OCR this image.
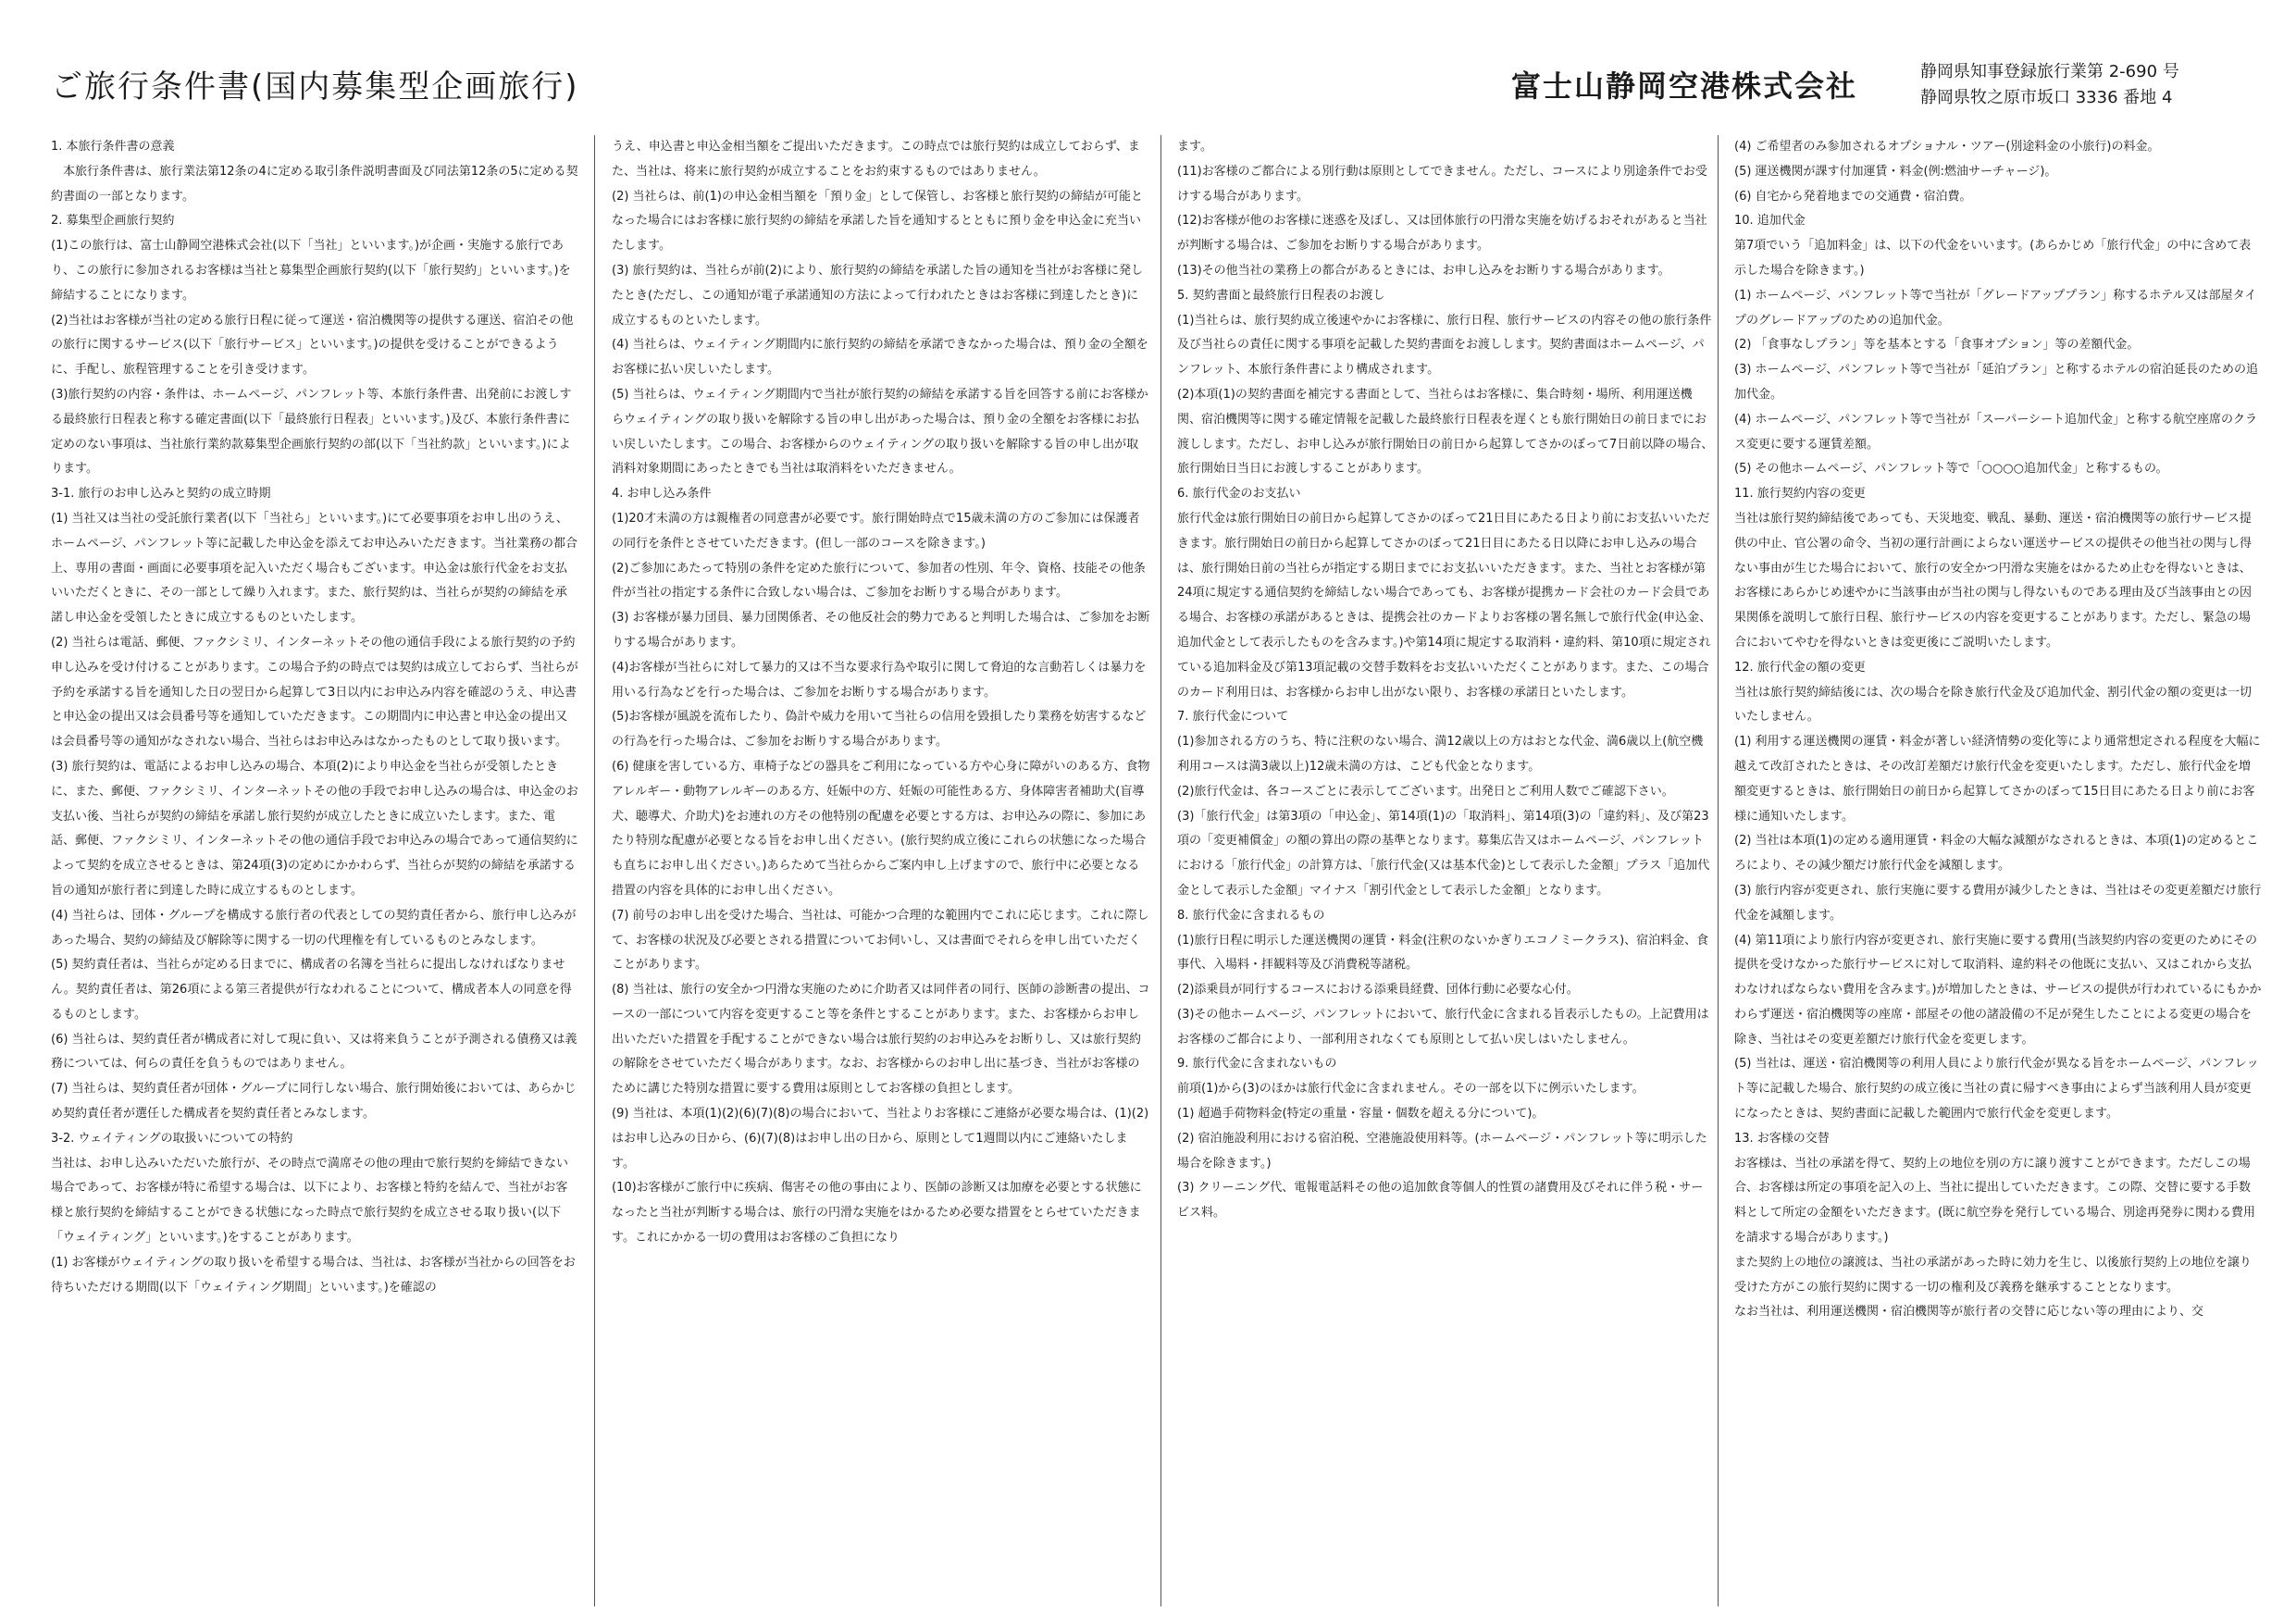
ご旅行条件書(国内募集型企画旅行)	富士山静岡空港株式会社	静岡県知事登録旅行業第 2-690 号
静岡県牧之原市坂口 3336 番地 4

1. 本旅行条件書の意義

　本旅行条件書は、旅行業法第12条の4に定める取引条件説明書面及び同法第12条の5に定める契約書面の一部となります。

2. 募集型企画旅行契約

(1)この旅行は、富士山静岡空港株式会社(以下「当社」といいます。)が企画・実施する旅行であり、この旅行に参加されるお客様は当社と募集型企画旅行契約(以下「旅行契約」といいます。)を締結することになります。

(2)当社はお客様が当社の定める旅行日程に従って運送・宿泊機関等の提供する運送、宿泊その他の旅行に関するサービス(以下「旅行サービス」といいます。)の提供を受けることができるように、手配し、旅程管理することを引き受けます。

(3)旅行契約の内容・条件は、ホームページ、パンフレット等、本旅行条件書、出発前にお渡しする最終旅行日程表と称する確定書面(以下「最終旅行日程表」といいます。)及び、本旅行条件書に定めのない事項は、当社旅行業約款募集型企画旅行契約の部(以下「当社約款」といいます。)によります。

3-1. 旅行のお申し込みと契約の成立時期

(1) 当社又は当社の受託旅行業者(以下「当社ら」といいます。)にて必要事項をお申し出のうえ、ホームページ、パンフレット等に記載した申込金を添えてお申込みいただきます。当社業務の都合上、専用の書面・画面に必要事項を記入いただく場合もございます。申込金は旅行代金をお支払いいただくときに、その一部として繰り入れます。また、旅行契約は、当社らが契約の締結を承諾し申込金を受領したときに成立するものといたします。

(2) 当社らは電話、郵便、ファクシミリ、インターネットその他の通信手段による旅行契約の予約申し込みを受け付けることがあります。この場合予約の時点では契約は成立しておらず、当社らが予約を承諾する旨を通知した日の翌日から起算して3日以内にお申込み内容を確認のうえ、申込書と申込金の提出又は会員番号等を通知していただきます。この期間内に申込書と申込金の提出又は会員番号等の通知がなされない場合、当社らはお申込みはなかったものとして取り扱います。

(3) 旅行契約は、電話によるお申し込みの場合、本項(2)により申込金を当社らが受領したときに、また、郵便、ファクシミリ、インターネットその他の手段でお申し込みの場合は、申込金のお支払い後、当社らが契約の締結を承諾し旅行契約が成立したときに成立いたします。また、電話、郵便、ファクシミリ、インターネットその他の通信手段でお申込みの場合であって通信契約によって契約を成立させるときは、第24項(3)の定めにかかわらず、当社らが契約の締結を承諾する旨の通知が旅行者に到達した時に成立するものとします。

(4) 当社らは、団体・グループを構成する旅行者の代表としての契約責任者から、旅行申し込みがあった場合、契約の締結及び解除等に関する一切の代理権を有しているものとみなします。

(5) 契約責任者は、当社らが定める日までに、構成者の名簿を当社らに提出しなければなりません。契約責任者は、第26項による第三者提供が行なわれることについて、構成者本人の同意を得るものとします。

(6) 当社らは、契約責任者が構成者に対して現に負い、又は将来負うことが予測される債務又は義務については、何らの責任を負うものではありません。

(7) 当社らは、契約責任者が団体・グループに同行しない場合、旅行開始後においては、あらかじめ契約責任者が選任した構成者を契約責任者とみなします。

3-2. ウェイティングの取扱いについての特約

当社は、お申し込みいただいた旅行が、その時点で満席その他の理由で旅行契約を締結できない場合であって、お客様が特に希望する場合は、以下により、お客様と特約を結んで、当社がお客様と旅行契約を締結することができる状態になった時点で旅行契約を成立させる取り扱い(以下「ウェイティング」といいます。)をすることがあります。

(1) お客様がウェイティングの取り扱いを希望する場合は、当社は、お客様が当社からの回答をお待ちいただける期間(以下「ウェイティング期間」といいます。)を確認の

うえ、申込書と申込金相当額をご提出いただきます。この時点では旅行契約は成立しておらず、また、当社は、将来に旅行契約が成立することをお約束するものではありません。

(2) 当社らは、前(1)の申込金相当額を「預り金」として保管し、お客様と旅行契約の締結が可能となった場合にはお客様に旅行契約の締結を承諾した旨を通知するとともに預り金を申込金に充当いたします。

(3) 旅行契約は、当社らが前(2)により、旅行契約の締結を承諾した旨の通知を当社がお客様に発したとき(ただし、この通知が電子承諾通知の方法によって行われたときはお客様に到達したとき)に成立するものといたします。

(4) 当社らは、ウェイティング期間内に旅行契約の締結を承諾できなかった場合は、預り金の全額をお客様に払い戻しいたします。

(5) 当社らは、ウェイティング期間内で当社が旅行契約の締結を承諾する旨を回答する前にお客様からウェイティングの取り扱いを解除する旨の申し出があった場合は、預り金の全額をお客様にお払い戻しいたします。この場合、お客様からのウェイティングの取り扱いを解除する旨の申し出が取消料対象期間にあったときでも当社は取消料をいただきません。

4. お申し込み条件

(1)20才未満の方は親権者の同意書が必要です。旅行開始時点で15歳未満の方のご参加には保護者の同行を条件とさせていただきます。(但し一部のコースを除きます。)

(2)ご参加にあたって特別の条件を定めた旅行について、参加者の性別、年令、資格、技能その他条件が当社の指定する条件に合致しない場合は、ご参加をお断りする場合があります。

(3) お客様が暴力団員、暴力団関係者、その他反社会的勢力であると判明した場合は、ご参加をお断りする場合があります。

(4)お客様が当社らに対して暴力的又は不当な要求行為や取引に関して脅迫的な言動若しくは暴力を用いる行為などを行った場合は、ご参加をお断りする場合があります。

(5)お客様が風説を流布したり、偽計や威力を用いて当社らの信用を毀損したり業務を妨害するなどの行為を行った場合は、ご参加をお断りする場合があります。

(6) 健康を害している方、車椅子などの器具をご利用になっている方や心身に障がいのある方、食物アレルギー・動物アレルギーのある方、妊娠中の方、妊娠の可能性ある方、身体障害者補助犬(盲導犬、聴導犬、介助犬)をお連れの方その他特別の配慮を必要とする方は、お申込みの際に、参加にあたり特別な配慮が必要となる旨をお申し出ください。(旅行契約成立後にこれらの状態になった場合も直ちにお申し出ください。)あらためて当社らからご案内申し上げますので、旅行中に必要となる措置の内容を具体的にお申し出ください。

(7) 前号のお申し出を受けた場合、当社は、可能かつ合理的な範囲内でこれに応じます。これに際して、お客様の状況及び必要とされる措置についてお伺いし、又は書面でそれらを申し出ていただくことがあります。

(8) 当社は、旅行の安全かつ円滑な実施のために介助者又は同伴者の同行、医師の診断書の提出、コースの一部について内容を変更すること等を条件とすることがあります。また、お客様からお申し出いただいた措置を手配することができない場合は旅行契約のお申込みをお断りし、又は旅行契約の解除をさせていただく場合があります。なお、お客様からのお申し出に基づき、当社がお客様のために講じた特別な措置に要する費用は原則としてお客様の負担とします。

(9) 当社は、本項(1)(2)(6)(7)(8)の場合において、当社よりお客様にご連絡が必要な場合は、(1)(2)はお申し込みの日から、(6)(7)(8)はお申し出の日から、原則として1週間以内にご連絡いたします。

(10)お客様がご旅行中に疾病、傷害その他の事由により、医師の診断又は加療を必要とする状態になったと当社が判断する場合は、旅行の円滑な実施をはかるため必要な措置をとらせていただきます。これにかかる一切の費用はお客様のご負担になり

ます。

(11)お客様のご都合による別行動は原則としてできません。ただし、コースにより別途条件でお受けする場合があります。

(12)お客様が他のお客様に迷惑を及ぼし、又は団体旅行の円滑な実施を妨げるおそれがあると当社が判断する場合は、ご参加をお断りする場合があります。

(13)その他当社の業務上の都合があるときには、お申し込みをお断りする場合があります。

5. 契約書面と最終旅行日程表のお渡し

(1)当社らは、旅行契約成立後速やかにお客様に、旅行日程、旅行サービスの内容その他の旅行条件及び当社らの責任に関する事項を記載した契約書面をお渡しします。契約書面はホームページ、パンフレット、本旅行条件書により構成されます。

(2)本項(1)の契約書面を補完する書面として、当社らはお客様に、集合時刻・場所、利用運送機関、宿泊機関等に関する確定情報を記載した最終旅行日程表を遅くとも旅行開始日の前日までにお渡しします。ただし、お申し込みが旅行開始日の前日から起算してさかのぼって7日前以降の場合、旅行開始日当日にお渡しすることがあります。

6. 旅行代金のお支払い

旅行代金は旅行開始日の前日から起算してさかのぼって21日目にあたる日より前にお支払いいただきます。旅行開始日の前日から起算してさかのぼって21日目にあたる日以降にお申し込みの場合は、旅行開始日前の当社らが指定する期日までにお支払いいただきます。また、当社とお客様が第24項に規定する通信契約を締結しない場合であっても、お客様が提携カード会社のカード会員である場合、お客様の承諾があるときは、提携会社のカードよりお客様の署名無しで旅行代金(申込金、追加代金として表示したものを含みます。)や第14項に規定する取消料・違約料、第10項に規定されている追加料金及び第13項記載の交替手数料をお支払いいただくことがあります。また、この場合のカード利用日は、お客様からお申し出がない限り、お客様の承諾日といたします。

7. 旅行代金について

(1)参加される方のうち、特に注釈のない場合、満12歳以上の方はおとな代金、満6歳以上(航空機利用コースは満3歳以上)12歳未満の方は、こども代金となります。

(2)旅行代金は、各コースごとに表示してございます。出発日とご利用人数でご確認下さい。

(3)「旅行代金」は第3項の「申込金」、第14項(1)の「取消料」、第14項(3)の「違約料」、及び第23項の「変更補償金」の額の算出の際の基準となります。募集広告又はホームページ、パンフレットにおける「旅行代金」の計算方は、「旅行代金(又は基本代金)として表示した金額」プラス「追加代金として表示した金額」マイナス「割引代金として表示した金額」となります。

8. 旅行代金に含まれるもの

(1)旅行日程に明示した運送機関の運賃・料金(注釈のないかぎりエコノミークラス)、宿泊料金、食事代、入場料・拝観料等及び消費税等諸税。

(2)添乗員が同行するコースにおける添乗員経費、団体行動に必要な心付。

(3)その他ホームページ、パンフレットにおいて、旅行代金に含まれる旨表示したもの。上記費用はお客様のご都合により、一部利用されなくても原則として払い戻しはいたしません。

9. 旅行代金に含まれないもの

前項(1)から(3)のほかは旅行代金に含まれません。その一部を以下に例示いたします。

(1) 超過手荷物料金(特定の重量・容量・個数を超える分について)。

(2) 宿泊施設利用における宿泊税、空港施設使用料等。(ホームページ・パンフレット等に明示した場合を除きます。)

(3) クリーニング代、電報電話料その他の追加飲食等個人的性質の諸費用及びそれに伴う税・サービス料。

(4) ご希望者のみ参加されるオプショナル・ツアー(別途料金の小旅行)の料金。

(5) 運送機関が課す付加運賃・料金(例:燃油サーチャージ)。

(6) 自宅から発着地までの交通費・宿泊費。

10. 追加代金

第7項でいう「追加料金」は、以下の代金をいいます。(あらかじめ「旅行代金」の中に含めて表示した場合を除きます。)

(1) ホームページ、パンフレット等で当社が「グレードアッププラン」称するホテル又は部屋タイプのグレードアップのための追加代金。

(2) 「食事なしプラン」等を基本とする「食事オプション」等の差額代金。

(3) ホームページ、パンフレット等で当社が「延泊プラン」と称するホテルの宿泊延長のための追加代金。

(4) ホームページ、パンフレット等で当社が「スーパーシート追加代金」と称する航空座席のクラス変更に要する運賃差額。

(5) その他ホームページ、パンフレット等で「○○○○追加代金」と称するもの。

11. 旅行契約内容の変更

当社は旅行契約締結後であっても、天災地変、戦乱、暴動、運送・宿泊機関等の旅行サービス提供の中止、官公署の命令、当初の運行計画によらない運送サービスの提供その他当社の関与し得ない事由が生じた場合において、旅行の安全かつ円滑な実施をはかるため止むを得ないときは、お客様にあらかじめ速やかに当該事由が当社の関与し得ないものである理由及び当該事由との因果関係を説明して旅行日程、旅行サービスの内容を変更することがあります。ただし、緊急の場合においてやむを得ないときは変更後にご説明いたします。

12. 旅行代金の額の変更

当社は旅行契約締結後には、次の場合を除き旅行代金及び追加代金、割引代金の額の変更は一切いたしません。

(1) 利用する運送機関の運賃・料金が著しい経済情勢の変化等により通常想定される程度を大幅に越えて改訂されたときは、その改訂差額だけ旅行代金を変更いたします。ただし、旅行代金を増額変更するときは、旅行開始日の前日から起算してさかのぼって15日目にあたる日より前にお客様に通知いたします。

(2) 当社は本項(1)の定める適用運賃・料金の大幅な減額がなされるときは、本項(1)の定めるところにより、その減少額だけ旅行代金を減額します。

(3) 旅行内容が変更され、旅行実施に要する費用が減少したときは、当社はその変更差額だけ旅行代金を減額します。

(4) 第11項により旅行内容が変更され、旅行実施に要する費用(当該契約内容の変更のためにその提供を受けなかった旅行サービスに対して取消料、違約料その他既に支払い、又はこれから支払わなければならない費用を含みます。)が増加したときは、サービスの提供が行われているにもかかわらず運送・宿泊機関等の座席・部屋その他の諸設備の不足が発生したことによる変更の場合を除き、当社はその変更差額だけ旅行代金を変更します。

(5) 当社は、運送・宿泊機関等の利用人員により旅行代金が異なる旨をホームページ、パンフレット等に記載した場合、旅行契約の成立後に当社の責に帰すべき事由によらず当該利用人員が変更になったときは、契約書面に記載した範囲内で旅行代金を変更します。

13. お客様の交替

お客様は、当社の承諾を得て、契約上の地位を別の方に譲り渡すことができます。ただしこの場合、お客様は所定の事項を記入の上、当社に提出していただきます。この際、交替に要する手数料として所定の金額をいただきます。(既に航空券を発行している場合、別途再発券に関わる費用を請求する場合があります。)

また契約上の地位の譲渡は、当社の承諾があった時に効力を生じ、以後旅行契約上の地位を譲り受けた方がこの旅行契約に関する一切の権利及び義務を継承することとなります。

なお当社は、利用運送機関・宿泊機関等が旅行者の交替に応じない等の理由により、交
